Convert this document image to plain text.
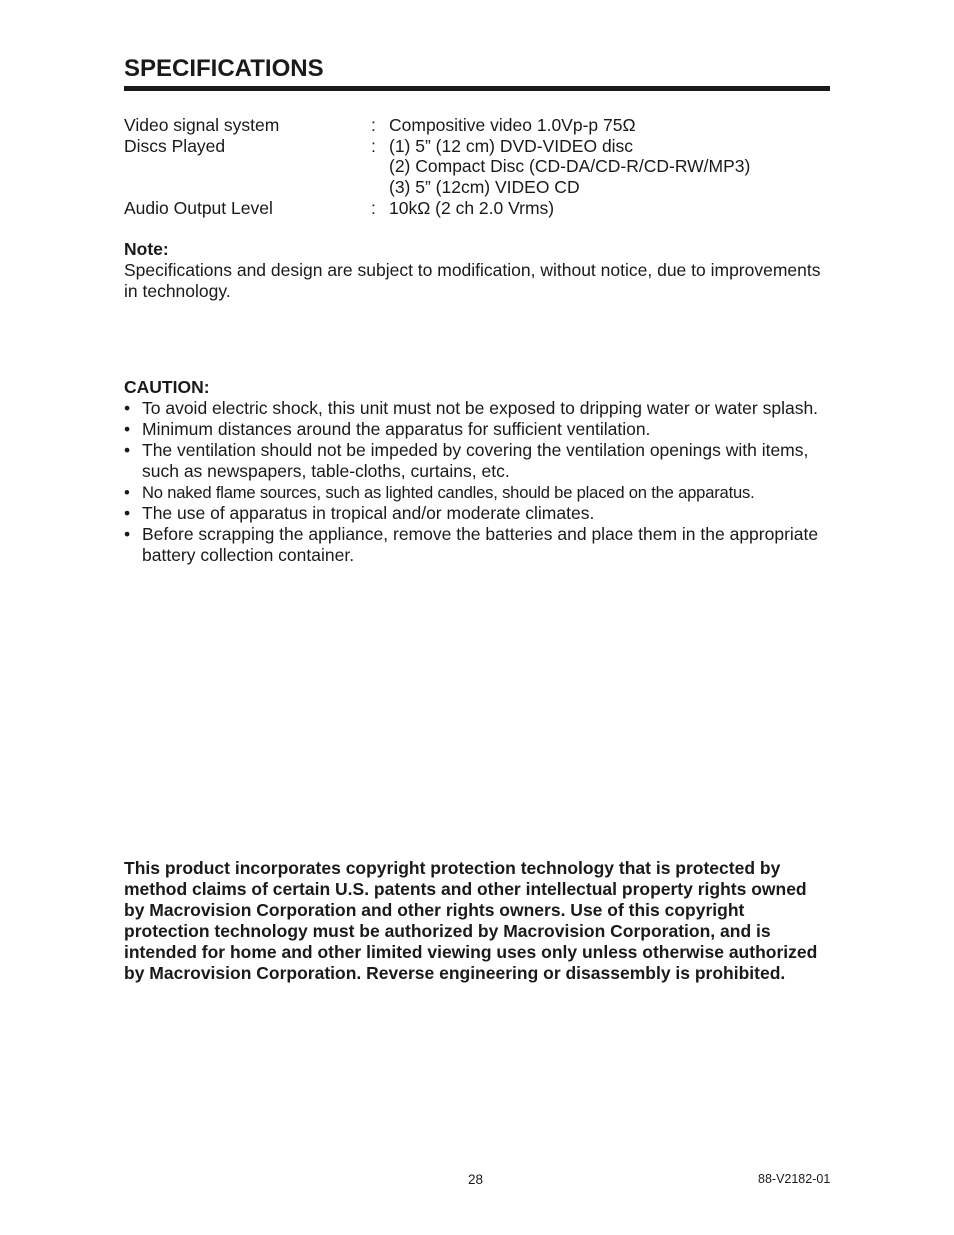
SPECIFICATIONS
Video signal system	: Compositive video 1.0Vp-p 75Ω
Discs Played	: (1) 5” (12 cm) DVD-VIDEO disc
(2) Compact Disc (CD-DA/CD-R/CD-RW/MP3)
(3) 5” (12cm) VIDEO CD
Audio Output Level	: 10kΩ (2 ch 2.0 Vrms)

Note:

Specifications and design are subject to modification, without notice, due to improvements in technology.

CAUTION:

• To avoid electric shock, this unit must not be exposed to dripping water or water splash.
• Minimum distances around the apparatus for sufficient ventilation.
• The ventilation should not be impeded by covering the ventilation openings with items, such as newspapers, table-cloths, curtains, etc.
• No naked flame sources, such as lighted candles, should be placed on the apparatus.
• The use of apparatus in tropical and/or moderate climates.
• Before scrapping the appliance, remove the batteries and place them in the appropriate battery collection container.

This product incorporates copyright protection technology that is protected by method claims of certain U.S. patents and other intellectual property rights owned by Macrovision Corporation and other rights owners. Use of this copyright protection technology must be authorized by Macrovision Corporation, and is intended for home and other limited viewing uses only unless otherwise authorized by Macrovision Corporation. Reverse engineering or disassembly is prohibited.

28	88-V2182-01
